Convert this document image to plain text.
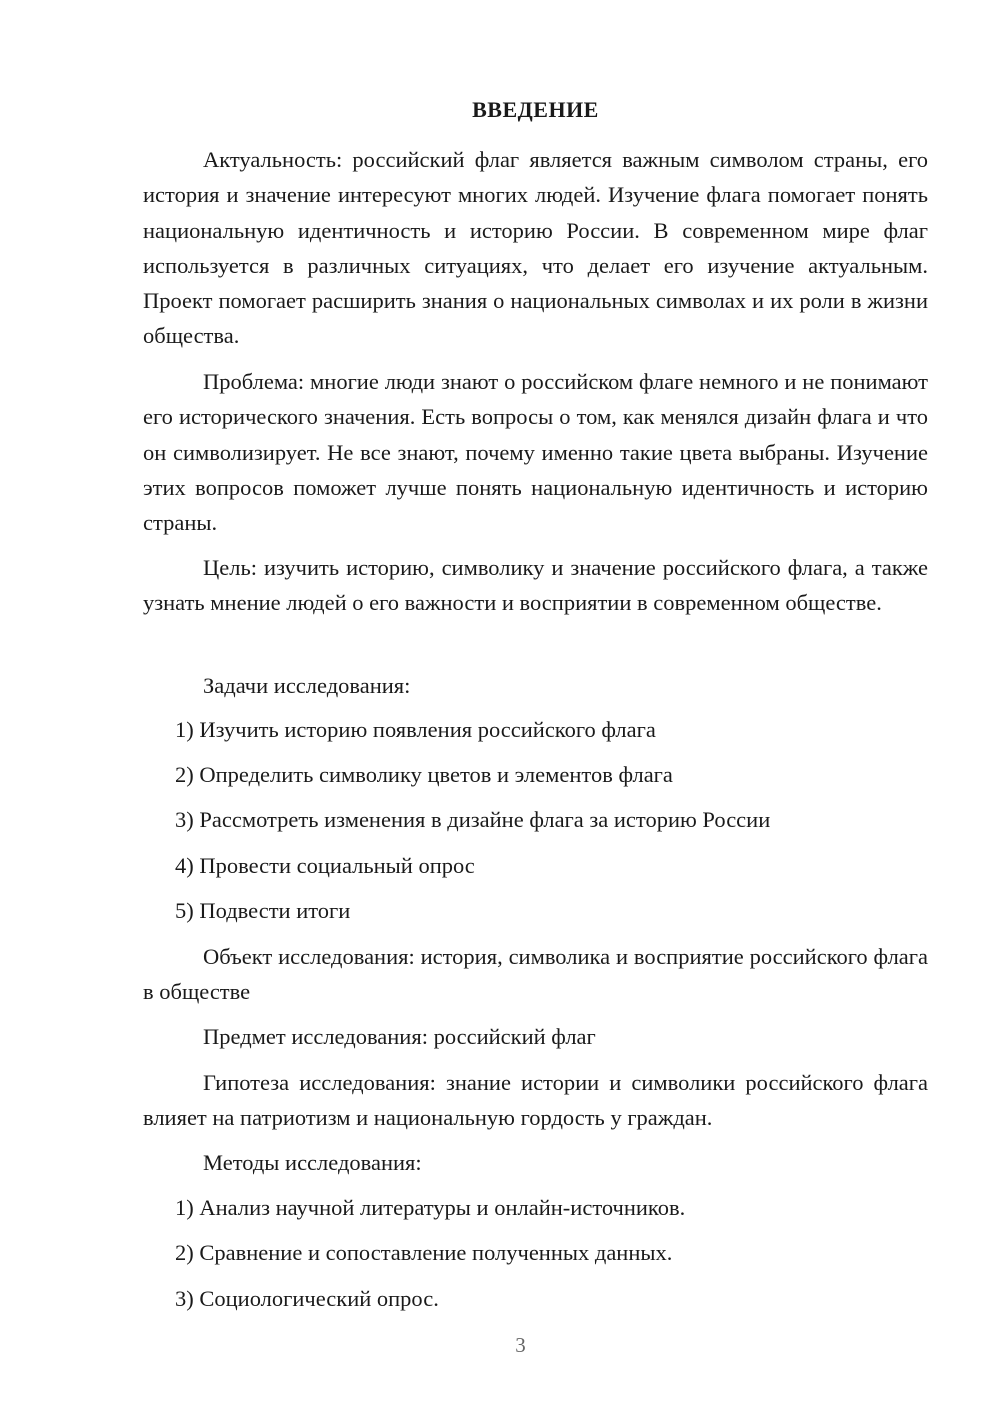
ВВЕДЕНИЕ

Актуальность: российский флаг является важным символом страны, его история и значение интересуют многих людей. Изучение флага помогает понять национальную идентичность и историю России. В современном мире флаг используется в различных ситуациях, что делает его изучение актуальным. Проект помогает расширить знания о национальных символах и их роли в жизни общества.

Проблема: многие люди знают о российском флаге немного и не понимают его исторического значения. Есть вопросы о том, как менялся дизайн флага и что он символизирует. Не все знают, почему именно такие цвета выбраны. Изучение этих вопросов поможет лучше понять национальную идентичность и историю страны.

Цель: изучить историю, символику и значение российского флага, а также узнать мнение людей о его важности и восприятии в современном обществе.

Задачи исследования:

1) Изучить историю появления российского флага

2) Определить символику цветов и элементов флага

3) Рассмотреть изменения в дизайне флага за историю России

4) Провести социальный опрос

5) Подвести итоги

Объект исследования: история, символика и восприятие российского флага в обществе

Предмет исследования: российский флаг

Гипотеза исследования: знание истории и символики российского флага влияет на патриотизм и национальную гордость у граждан.

Методы исследования:

1) Анализ научной литературы и онлайн-источников.

2) Сравнение и сопоставление полученных данных.

3) Социологический опрос.

3
